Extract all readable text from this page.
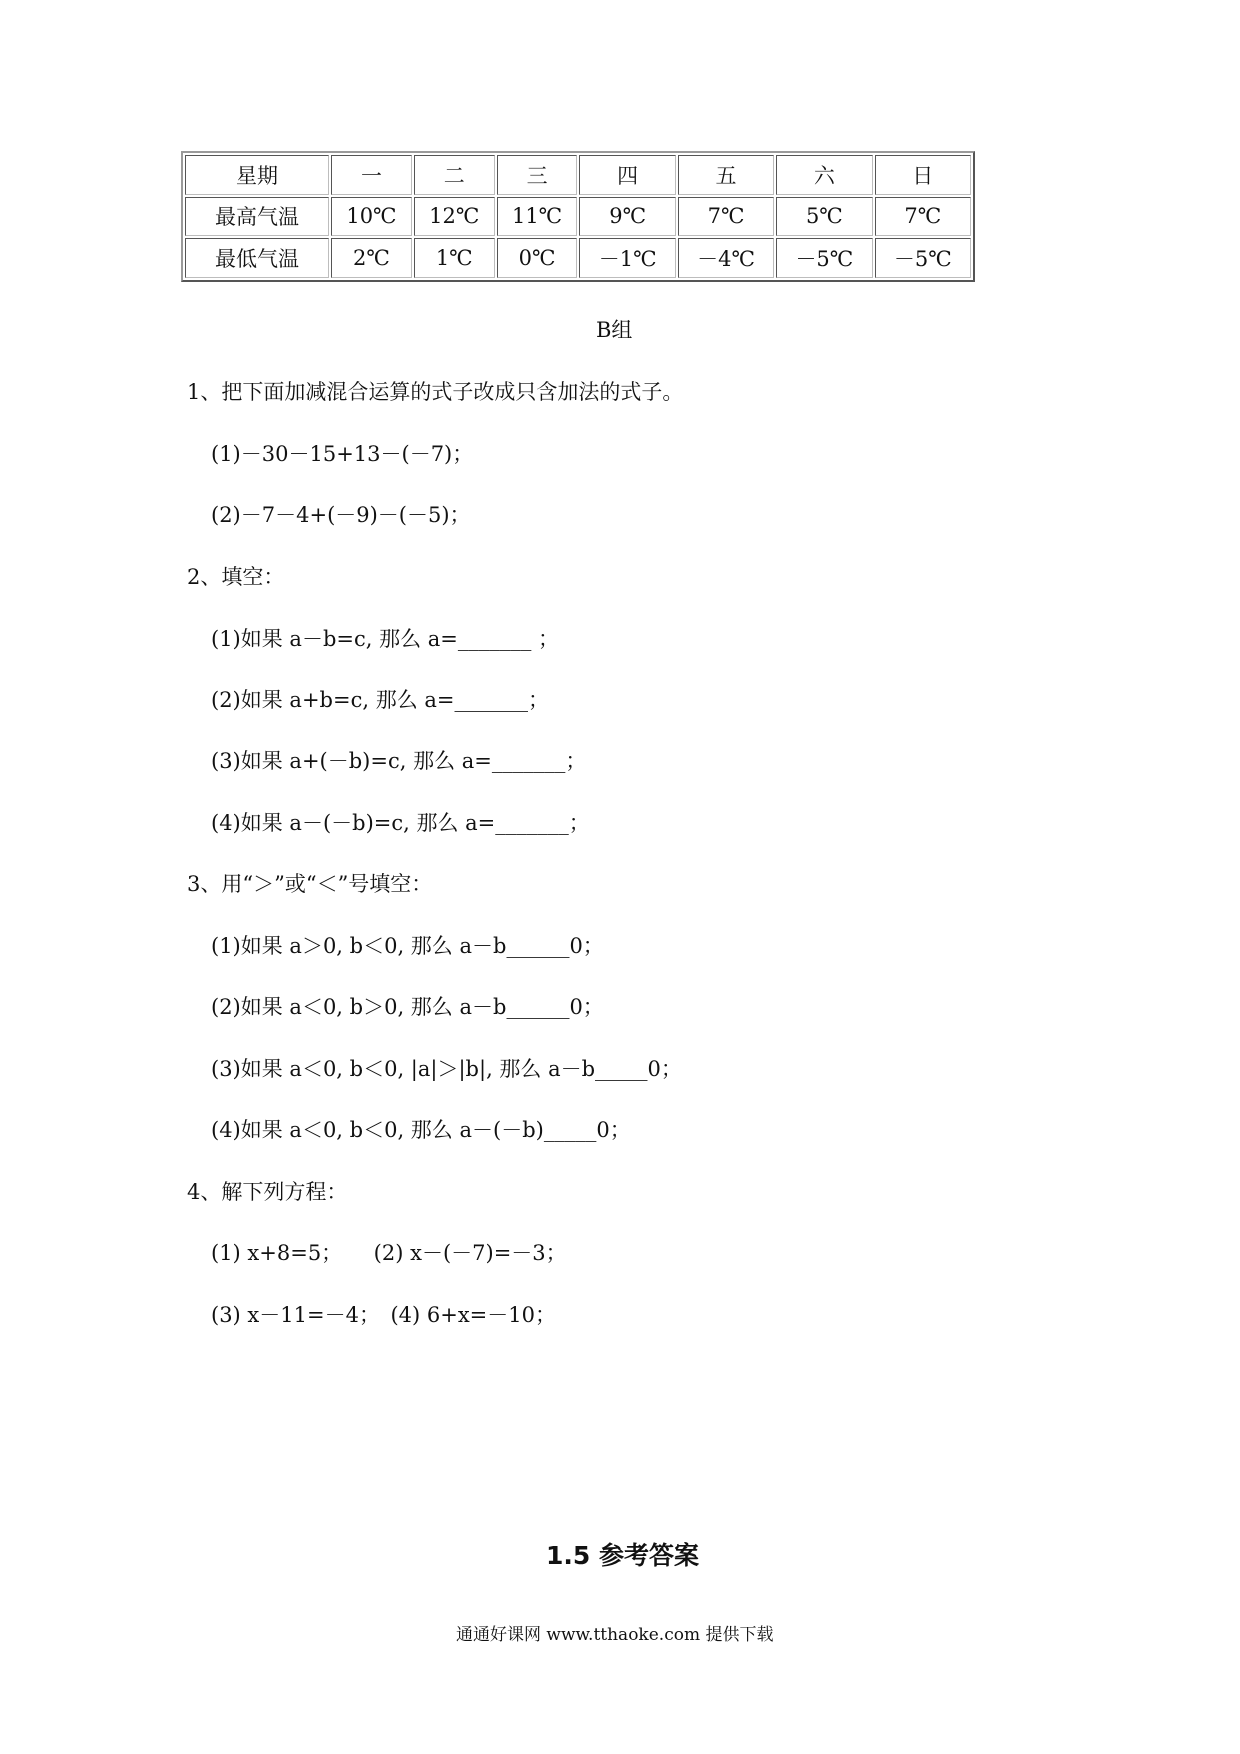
星期	一	二	三	四	五	六	日
最高气温	10℃	12℃	11℃	9℃	7℃	5℃	7℃
最低气温	2℃	1℃	0℃	－1℃	－4℃	－5℃	－5℃
B组
1、把下面加减混合运算的式子改成只含加法的式子。
(1)－30－15+13－(－7)；
(2)－7－4+(－9)－(－5)；
2、填空：
(1)如果 a－b=c, 那么 a=_______ ；
(2)如果 a+b=c, 那么 a=_______；
(3)如果 a+(－b)=c, 那么 a=_______；
(4)如果 a－(－b)=c, 那么 a=_______；
3、用“＞”或“＜”号填空：
(1)如果 a＞0, b＜0, 那么 a－b______0；
(2)如果 a＜0, b＞0, 那么 a－b______0；
(3)如果 a＜0, b＜0, |a|＞|b|, 那么 a－b_____0；
(4)如果 a＜0, b＜0, 那么 a－(－b)_____0；
4、解下列方程：
(1) x+8=5；　　(2) x－(－7)=－3；
(3) x－11=－4；　(4) 6+x=－10；
1.5 参考答案
通通好课网 www.tthaoke.com 提供下载
